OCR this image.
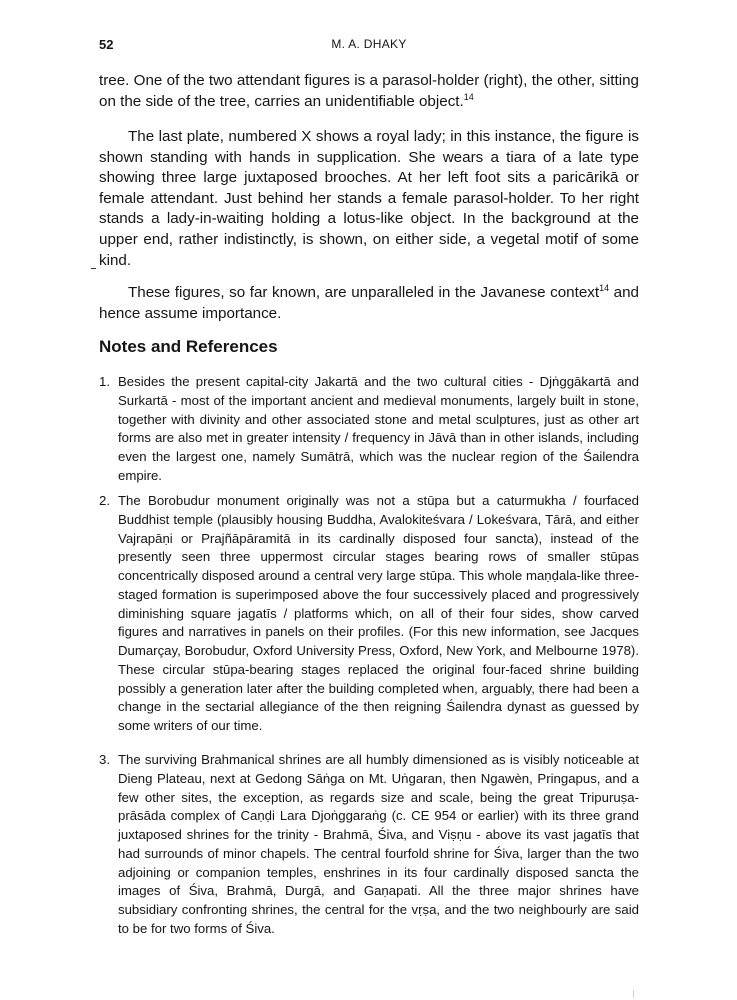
52	M. A. DHAKY

tree. One of the two attendant figures is a parasol-holder (right), the other, sitting on the side of the tree, carries an unidentifiable object.$^{14}$

The last plate, numbered X shows a royal lady; in this instance, the figure is shown standing with hands in supplication. She wears a tiara of a late type showing three large juxtaposed brooches. At her left foot sits a paricārikā or female attendant. Just behind her stands a female parasol-holder. To her right stands a lady-in-waiting holding a lotus-like object. In the background at the upper end, rather indistinctly, is shown, on either side, a vegetal motif of some kind.

These figures, so far known, are unparalleled in the Javanese context$^{14}$ and hence assume importance.

Notes and References
1. Besides the present capital-city Jakartā and the two cultural cities - Djṅggākartā and Surkartā - most of the important ancient and medieval monuments, largely built in stone, together with divinity and other associated stone and metal sculptures, just as other art forms are also met in greater intensity / frequency in Jāvā than in other islands, including even the largest one, namely Sumātrā, which was the nuclear region of the Śailendra empire.
2. The Borobudur monument originally was not a stūpa but a caturmukha / fourfaced Buddhist temple (plausibly housing Buddha, Avalokiteśvara / Lokeśvara, Tārā, and either Vajrapāṇi or Prajñāpāramitā in its cardinally disposed four sancta), instead of the presently seen three uppermost circular stages bearing rows of smaller stūpas concentrically disposed around a central very large stūpa. This whole maṇḍala-like three-staged formation is superimposed above the four successively placed and progressively diminishing square jagatīs / platforms which, on all of their four sides, show carved figures and narratives in panels on their profiles. (For this new information, see Jacques Dumarçay, Borobudur, Oxford University Press, Oxford, New York, and Melbourne 1978). These circular stūpa-bearing stages replaced the original four-faced shrine building possibly a generation later after the building completed when, arguably, there had been a change in the sectarial allegiance of the then reigning Śailendra dynast as guessed by some writers of our time.
3. The surviving Brahmanical shrines are all humbly dimensioned as is visibly noticeable at Dieng Plateau, next at Gedong Sāṅga on Mt. Uṅgaran, then Ngawèn, Pringapus, and a few other sites, the exception, as regards size and scale, being the great Tripuruṣa-prāsāda complex of Caṇḍi Lara Djoṅggaraṅg (c. CE 954 or earlier) with its three grand juxtaposed shrines for the trinity - Brahmā, Śiva, and Viṣṇu - above its vast jagatīs that had surrounds of minor chapels. The central fourfold shrine for Śiva, larger than the two adjoining or companion temples, enshrines in its four cardinally disposed sancta the images of Śiva, Brahmā, Durgā, and Gaṇapati. All the three major shrines have subsidiary confronting shrines, the central for the vṛṣa, and the two neighbourly are said to be for two forms of Śiva.
